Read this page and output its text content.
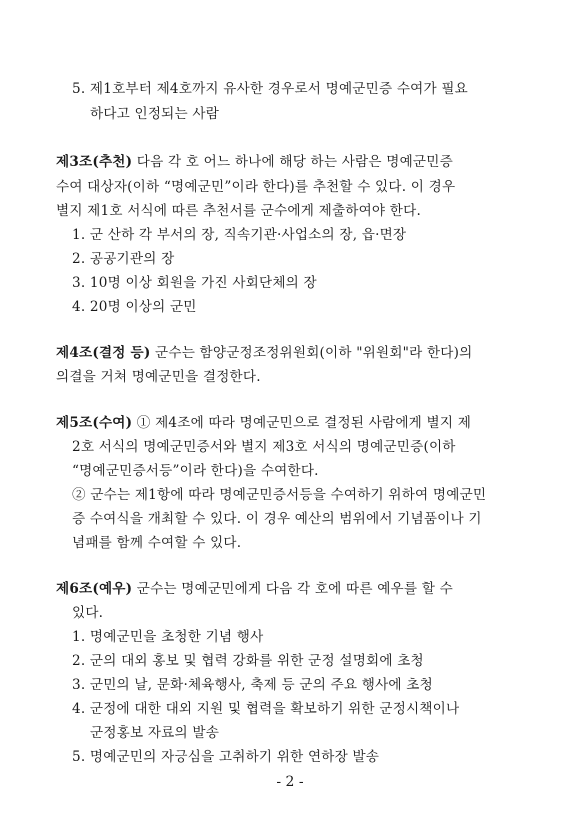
5. 제1호부터 제4호까지 유사한 경우로서 명예군민증 수여가 필요
하다고 인정되는 사람
제3조(추천) 다음 각 호 어느 하나에 해당 하는 사람은 명예군민증
수여 대상자(이하 “명예군민”이라 한다)를 추천할 수 있다. 이 경우
별지 제1호 서식에 따른 추천서를 군수에게 제출하여야 한다.
1. 군 산하 각 부서의 장, 직속기관·사업소의 장, 읍·면장
2. 공공기관의 장
3. 10명 이상 회원을 가진 사회단체의 장
4. 20명 이상의 군민
제4조(결정 등) 군수는 함양군정조정위원회(이하 "위원회"라 한다)의
의결을 거쳐 명예군민을 결정한다.
제5조(수여) ① 제4조에 따라 명예군민으로 결정된 사람에게 별지 제
2호 서식의 명예군민증서와 별지 제3호 서식의 명예군민증(이하
“명예군민증서등”이라 한다)을 수여한다.
② 군수는 제1항에 따라 명예군민증서등을 수여하기 위하여 명예군민
증 수여식을 개최할 수 있다. 이 경우 예산의 범위에서 기념품이나 기
념패를 함께 수여할 수 있다.
제6조(예우) 군수는 명예군민에게 다음 각 호에 따른 예우를 할 수
있다.
1. 명예군민을 초청한 기념 행사
2. 군의 대외 홍보 및 협력 강화를 위한 군정 설명회에 초청
3. 군민의 날, 문화·체육행사, 축제 등 군의 주요 행사에 초청
4. 군정에 대한 대외 지원 및 협력을 확보하기 위한 군정시책이나
군정홍보 자료의 발송
5. 명예군민의 자긍심을 고취하기 위한 연하장 발송
- 2 -
